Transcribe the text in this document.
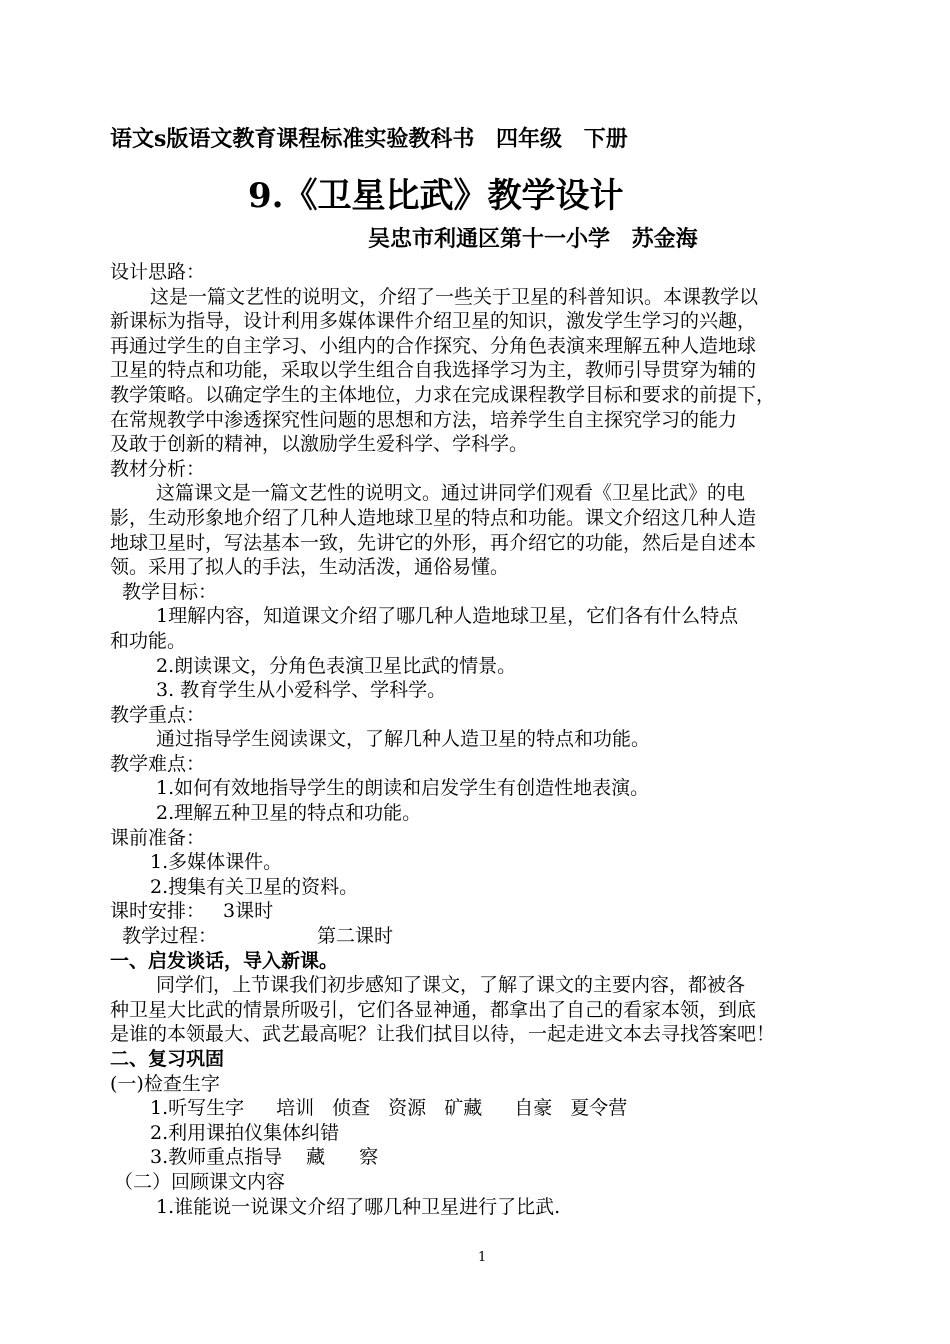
语文s版语文教育课程标准实验教科书 四年级 下册
9.《卫星比武》教学设计
吴忠市利通区第十一小学 苏金海
设计思路：
这是一篇文艺性的说明文，介绍了一些关于卫星的科普知识。本课教学以
新课标为指导，设计利用多媒体课件介绍卫星的知识，激发学生学习的兴趣，
再通过学生的自主学习、小组内的合作探究、分角色表演来理解五种人造地球
卫星的特点和功能，采取以学生组合自我选择学习为主，教师引导贯穿为辅的
教学策略。以确定学生的主体地位，力求在完成课程教学目标和要求的前提下，
在常规教学中渗透探究性问题的思想和方法，培养学生自主探究学习的能力
及敢于创新的精神，以激励学生爱科学、学科学。
教材分析：
这篇课文是一篇文艺性的说明文。通过讲同学们观看《卫星比武》的电
影，生动形象地介绍了几种人造地球卫星的特点和功能。课文介绍这几种人造
地球卫星时，写法基本一致，先讲它的外形，再介绍它的功能，然后是自述本
领。采用了拟人的手法，生动活泼，通俗易懂。
教学目标：
1理解内容，知道课文介绍了哪几种人造地球卫星，它们各有什么特点
和功能。
2.朗读课文，分角色表演卫星比武的情景。
3. 教育学生从小爱科学、学科学。
教学重点：
通过指导学生阅读课文，了解几种人造卫星的特点和功能。
教学难点：
1.如何有效地指导学生的朗读和启发学生有创造性地表演。
2.理解五种卫星的特点和功能。
课前准备：
1.多媒体课件。
2.搜集有关卫星的资料。
课时安排： 3课时
教学过程：	第二课时
一、启发谈话，导入新课。
同学们，上节课我们初步感知了课文，了解了课文的主要内容，都被各
种卫星大比武的情景所吸引，它们各显神通，都拿出了自己的看家本领，到底
是谁的本领最大、武艺最高呢？让我们拭目以待，一起走进文本去寻找答案吧！
二、复习巩固
(一)检查生字
1.听写生字 培训 侦查 资源 矿藏 自豪 夏令营
2.利用课拍仪集体纠错
3.教师重点指导 藏 察
（二）回顾课文内容
1.谁能说一说课文介绍了哪几种卫星进行了比武.
1
